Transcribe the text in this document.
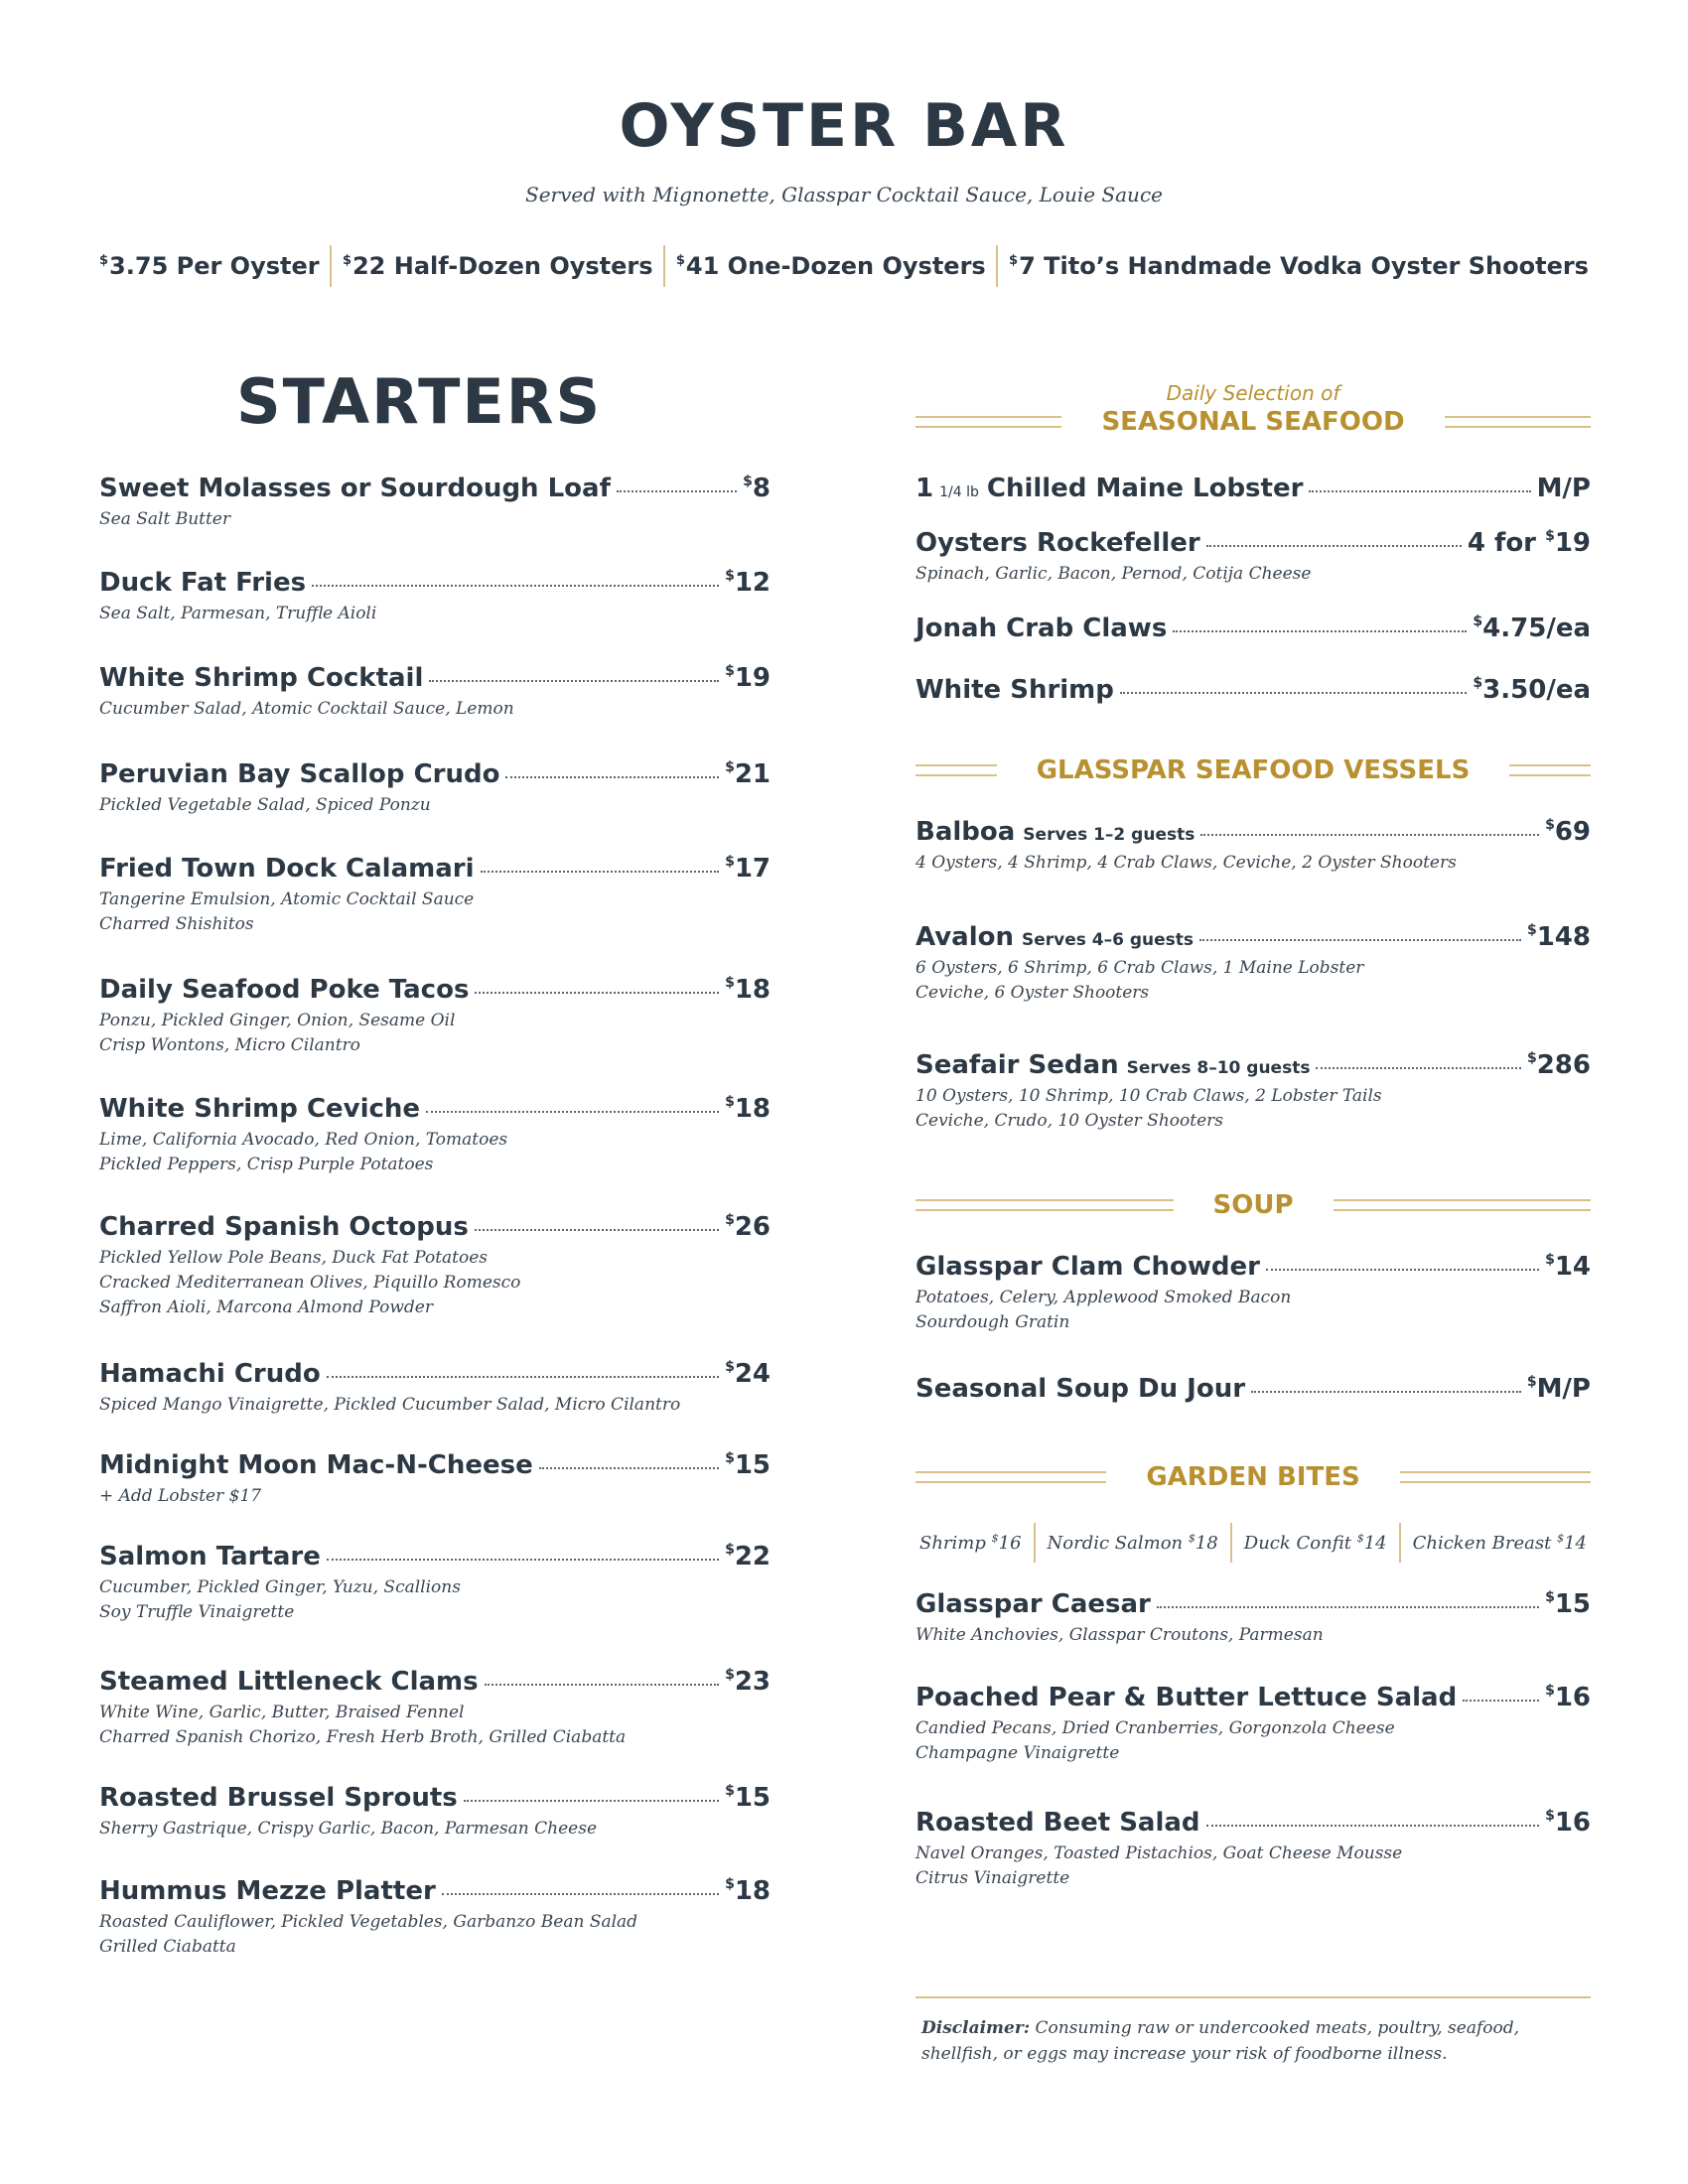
OYSTER BAR
Served with Mignonette, Glasspar Cocktail Sauce, Louie Sauce
$3.75 Per Oyster $22 Half-Dozen Oysters $41 One-Dozen Oysters $7 Tito’s Handmade Vodka Oyster Shooters
STARTERS
Sweet Molasses or Sourdough Loaf	$8
Sea Salt Butter
Duck Fat Fries	$12
Sea Salt, Parmesan, Truffle Aioli
White Shrimp Cocktail	$19
Cucumber Salad, Atomic Cocktail Sauce, Lemon
Peruvian Bay Scallop Crudo	$21
Pickled Vegetable Salad, Spiced Ponzu
Fried Town Dock Calamari	$17
Tangerine Emulsion, Atomic Cocktail Sauce
Charred Shishitos
Daily Seafood Poke Tacos	$18
Ponzu, Pickled Ginger, Onion, Sesame Oil
Crisp Wontons, Micro Cilantro
White Shrimp Ceviche	$18
Lime, California Avocado, Red Onion, Tomatoes
Pickled Peppers, Crisp Purple Potatoes
Charred Spanish Octopus	$26
Pickled Yellow Pole Beans, Duck Fat Potatoes
Cracked Mediterranean Olives, Piquillo Romesco
Saffron Aioli, Marcona Almond Powder
Hamachi Crudo	$24
Spiced Mango Vinaigrette, Pickled Cucumber Salad, Micro Cilantro
Midnight Moon Mac-N-Cheese	$15
+ Add Lobster $17
Salmon Tartare	$22
Cucumber, Pickled Ginger, Yuzu, Scallions
Soy Truffle Vinaigrette
Steamed Littleneck Clams	$23
White Wine, Garlic, Butter, Braised Fennel
Charred Spanish Chorizo, Fresh Herb Broth, Grilled Ciabatta
Roasted Brussel Sprouts	$15
Sherry Gastrique, Crispy Garlic, Bacon, Parmesan Cheese
Hummus Mezze Platter	$18
Roasted Cauliflower, Pickled Vegetables, Garbanzo Bean Salad
Grilled Ciabatta
Daily Selection of
SEASONAL SEAFOOD
GLASSPAR SEAFOOD VESSELS
SOUP
GARDEN BITES
Shrimp $16 Nordic Salmon $18 Duck Confit $14 Chicken Breast $14
1 1/4 lb Chilled Maine Lobster	M/P
Oysters Rockefeller	4 for $19
Spinach, Garlic, Bacon, Pernod, Cotija Cheese
Jonah Crab Claws	$4.75/ea
White Shrimp	$3.50/ea
Balboa Serves 1–2 guests	$69
4 Oysters, 4 Shrimp, 4 Crab Claws, Ceviche, 2 Oyster Shooters
Avalon Serves 4–6 guests	$148
6 Oysters, 6 Shrimp, 6 Crab Claws, 1 Maine Lobster
Ceviche, 6 Oyster Shooters
Seafair Sedan Serves 8–10 guests	$286
10 Oysters, 10 Shrimp, 10 Crab Claws, 2 Lobster Tails
Ceviche, Crudo, 10 Oyster Shooters
Glasspar Clam Chowder	$14
Potatoes, Celery, Applewood Smoked Bacon
Sourdough Gratin
Seasonal Soup Du Jour	$M/P
Glasspar Caesar	$15
White Anchovies, Glasspar Croutons, Parmesan
Poached Pear & Butter Lettuce Salad	$16
Candied Pecans, Dried Cranberries, Gorgonzola Cheese
Champagne Vinaigrette
Roasted Beet Salad	$16
Navel Oranges, Toasted Pistachios, Goat Cheese Mousse
Citrus Vinaigrette
Disclaimer: Consuming raw or undercooked meats, poultry, seafood, shellfish, or eggs may increase your risk of foodborne illness.
